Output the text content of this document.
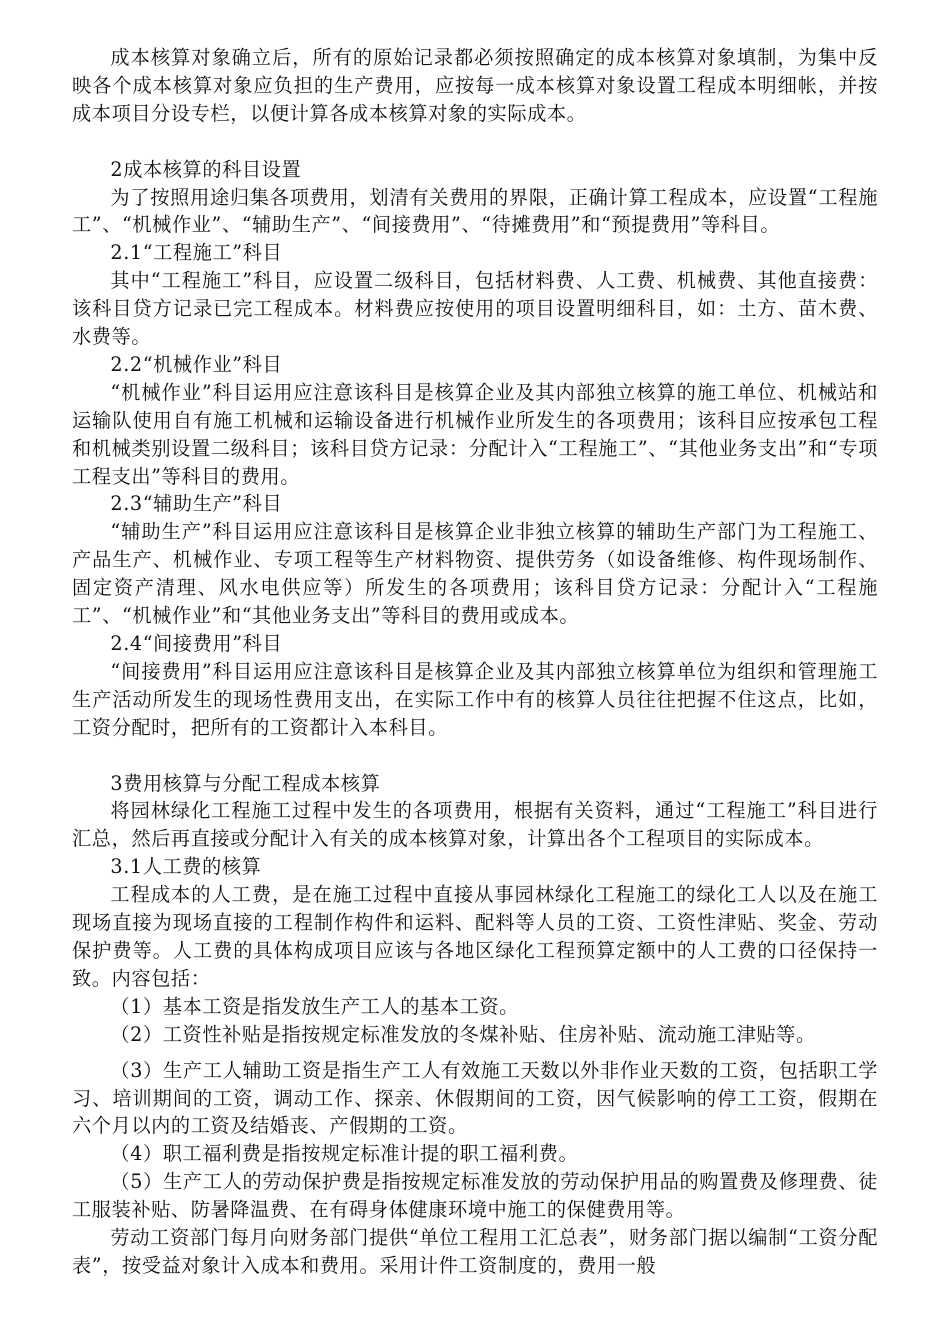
成本核算对象确立后，所有的原始记录都必须按照确定的成本核算对象填制，为集中反映各个成本核算对象应负担的生产费用，应按每一成本核算对象设置工程成本明细帐，并按成本项目分设专栏，以便计算各成本核算对象的实际成本。

2成本核算的科目设置

为了按照用途归集各项费用，划清有关费用的界限，正确计算工程成本，应设置“工程施工”、“机械作业”、“辅助生产”、“间接费用”、“待摊费用”和“预提费用”等科目。

2.1“工程施工”科目

其中“工程施工”科目，应设置二级科目，包括材料费、人工费、机械费、其他直接费：该科目贷方记录已完工程成本。材料费应按使用的项目设置明细科目，如：土方、苗木费、水费等。

2.2“机械作业”科目

“机械作业”科目运用应注意该科目是核算企业及其内部独立核算的施工单位、机械站和运输队使用自有施工机械和运输设备进行机械作业所发生的各项费用；该科目应按承包工程和机械类别设置二级科目；该科目贷方记录：分配计入“工程施工”、“其他业务支出”和“专项工程支出”等科目的费用。

2.3“辅助生产”科目

“辅助生产”科目运用应注意该科目是核算企业非独立核算的辅助生产部门为工程施工、产品生产、机械作业、专项工程等生产材料物资、提供劳务（如设备维修、构件现场制作、固定资产清理、风水电供应等）所发生的各项费用；该科目贷方记录：分配计入“工程施工”、“机械作业”和“其他业务支出”等科目的费用或成本。

2.4“间接费用”科目

“间接费用”科目运用应注意该科目是核算企业及其内部独立核算单位为组织和管理施工生产活动所发生的现场性费用支出，在实际工作中有的核算人员往往把握不住这点，比如，工资分配时，把所有的工资都计入本科目。

3费用核算与分配工程成本核算

将园林绿化工程施工过程中发生的各项费用，根据有关资料，通过“工程施工”科目进行汇总，然后再直接或分配计入有关的成本核算对象，计算出各个工程项目的实际成本。

3.1人工费的核算

工程成本的人工费，是在施工过程中直接从事园林绿化工程施工的绿化工人以及在施工现场直接为现场直接的工程制作构件和运料、配料等人员的工资、工资性津贴、奖金、劳动保护费等。人工费的具体构成项目应该与各地区绿化工程预算定额中的人工费的口径保持一致。内容包括：

（1）基本工资是指发放生产工人的基本工资。

（2）工资性补贴是指按规定标准发放的冬煤补贴、住房补贴、流动施工津贴等。

（3）生产工人辅助工资是指生产工人有效施工天数以外非作业天数的工资，包括职工学习、培训期间的工资，调动工作、探亲、休假期间的工资，因气候影响的停工工资，假期在六个月以内的工资及结婚丧、产假期的工资。

（4）职工福利费是指按规定标准计提的职工福利费。

（5）生产工人的劳动保护费是指按规定标准发放的劳动保护用品的购置费及修理费、徒工服装补贴、防暑降温费、在有碍身体健康环境中施工的保健费用等。

劳动工资部门每月向财务部门提供“单位工程用工汇总表”，财务部门据以编制“工资分配表”，按受益对象计入成本和费用。采用计件工资制度的，费用一般
